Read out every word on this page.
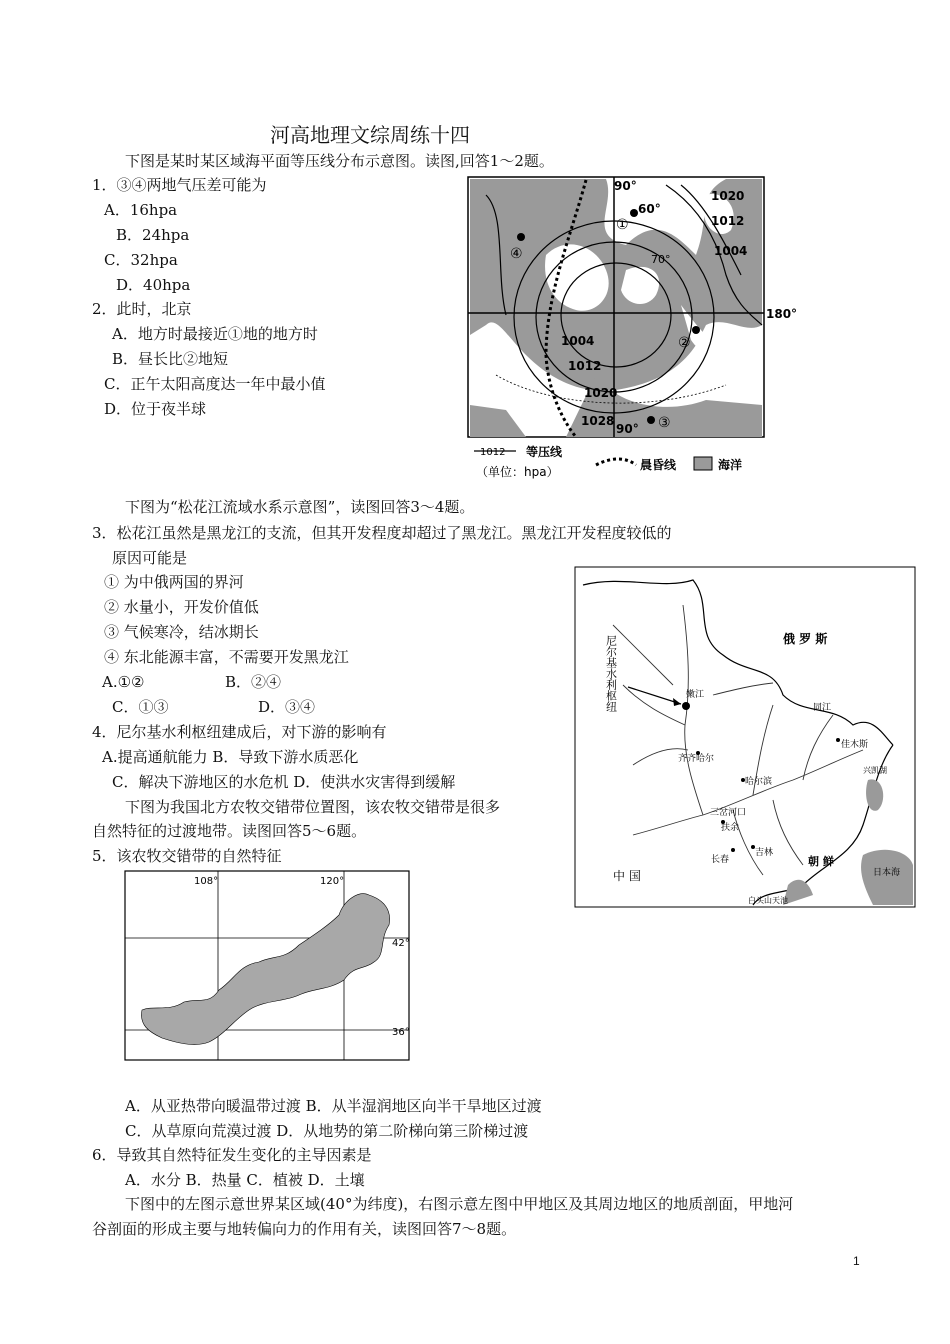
河高地理文综周练十四
下图是某时某区域海平面等压线分布示意图。读图,回答1～2题。
1．③④两地气压差可能为
A．16hpa
B．24hpa
C．32hpa
D．40hpa
2．此时，北京
A．地方时最接近①地的地方时
B．昼长比②地短
C．正午太阳高度达一年中最小值
D．位于夜半球
90°
60°
70°
180°
90°
1020
1012
1004
1004
1012
1020
1028
①
②
③
④
1012 等压线
（单位：hpa）	晨昏线	海洋
下图为“松花江流域水系示意图”，读图回答3～4题。
3．松花江虽然是黑龙江的支流，但其开发程度却超过了黑龙江。黑龙江开发程度较低的
原因可能是
① 为中俄两国的界河
② 水量小，开发价值低
③ 气候寒冷，结冰期长
④ 东北能源丰富，不需要开发黑龙江
A.①②	B．②④
C．①③	D．③④
4．尼尔基水利枢纽建成后，对下游的影响有
A.提高通航能力 B．导致下游水质恶化
C．解决下游地区的水危机 D．使洪水灾害得到缓解
下图为我国北方农牧交错带位置图，该农牧交错带是很多
自然特征的过渡地带。读图回答5～6题。
5．该农牧交错带的自然特征
俄 罗 斯
中 国
朝 鲜
日本海
嫩江
齐齐哈尔
哈尔滨
佳木斯
同江
长春
吉林
三岔河口
扶余
白头山天池
兴凯湖
尼尔基水利枢纽
108°	120°
42°
36°
A．从亚热带向暖温带过渡 B．从半湿润地区向半干旱地区过渡
C．从草原向荒漠过渡 D．从地势的第二阶梯向第三阶梯过渡
6．导致其自然特征发生变化的主导因素是
A．水分 B．热量 C．植被 D．土壤
下图中的左图示意世界某区域(40°为纬度)，右图示意左图中甲地区及其周边地区的地质剖面，甲地河
谷剖面的形成主要与地转偏向力的作用有关，读图回答7～8题。
1
